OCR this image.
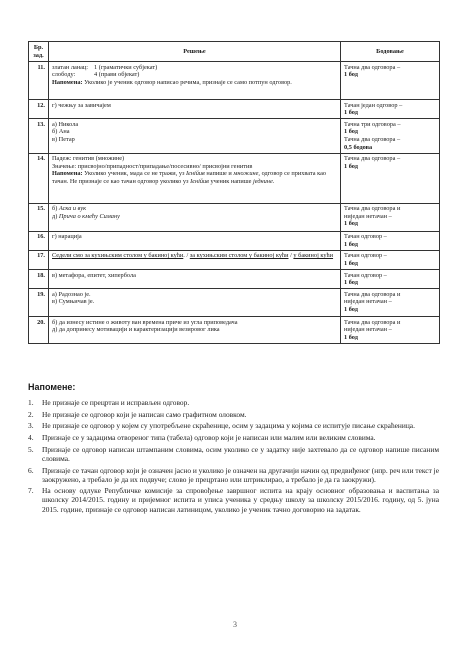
Бр. зад.	Решење	Бодовање
11.	златан ланац: 1 (граматички субјекат)
слободу: 4 (прави објекат)
Напомена: Уколико је ученик одговор написао речима, признаје се само потпун одговор.	Тачна два одговора –
1 бод

12.	г) чежњу за завичајем	Тачан један одговор –
1 бод

13.	а) Никола
б) Ана
в) Петар	Тачна три одговора –
1 бод
Тачна два одговора –
0,5 бодова

14.	Падеж: генитив (множине)
Значење: присвојно/припадност/припадање/посесивно/ присвојни генитив
Напомена: Уколико ученик, мада се не тражи, уз Ієнійив напише и множине, одговор се прихвата као тачан. Не признаје се као тачан одговор уколико уз Ієнійив ученик напише једнине.	Тачна два одговора –
1 бод

15.	б) Аска и вук
д) Прича о кмећу Симану	Тачна два одговора и
ниједан нетачан –
1 бод

16.	г) нарација	Тачан одговор –
1 бод

17.	Седели смо за кухињским столом у бакиној кући. / за кухињским столом у бакиној кући / у бакиној кући	Тачан одговор –
1 бод

18.	в) метафора, епитет, хипербола	Тачан одговор –
1 бод

19.	а) Радознао је.
в) Сумњичав је.	Тачна два одговора и
ниједан нетачан –
1 бод

20.	б) да изнесу истине о животу ван времена приче из угла приповедача
д) да допринесу мотивацији и карактеризацији везировог лика	Тачна два одговора и
ниједан нетачан –
1 бод
Напомене:
1. Не признаје се прецртан и исправљен одговор.
2. Не признаје се одговор који је написан само графитном оловком.
3. Не признаје се одговор у којем су употребљене скраћенице, осим у задацима у којима се испитује писање скраћеница.
4. Признаје се у задацима отвореног типа (табела) одговор који је написан или малим или великим словима.
5. Признаје се одговор написан штампаним словима, осим уколико се у задатку није захтевало да се одговор напише писаним словима.
6. Признаје се тачан одговор који је означен јасно и уколико је означен на другачији начин од предвиђеног (нпр. реч или текст је заокружено, а требало је да их подвуче; слово је прецртано или штриклирао, а требало је да га заокружи).
7. На основу одлуке Републичке комисије за спровођење завршног испита на крају основног образовања и васпитања за школску 2014/2015. годину и пријемног испита и уписа ученика у средњу школу за школску 2015/2016. годину, од 5. јуна 2015. године, признаје се одговор написан латиницом, уколико је ученик тачно договорио на задатак.
3
